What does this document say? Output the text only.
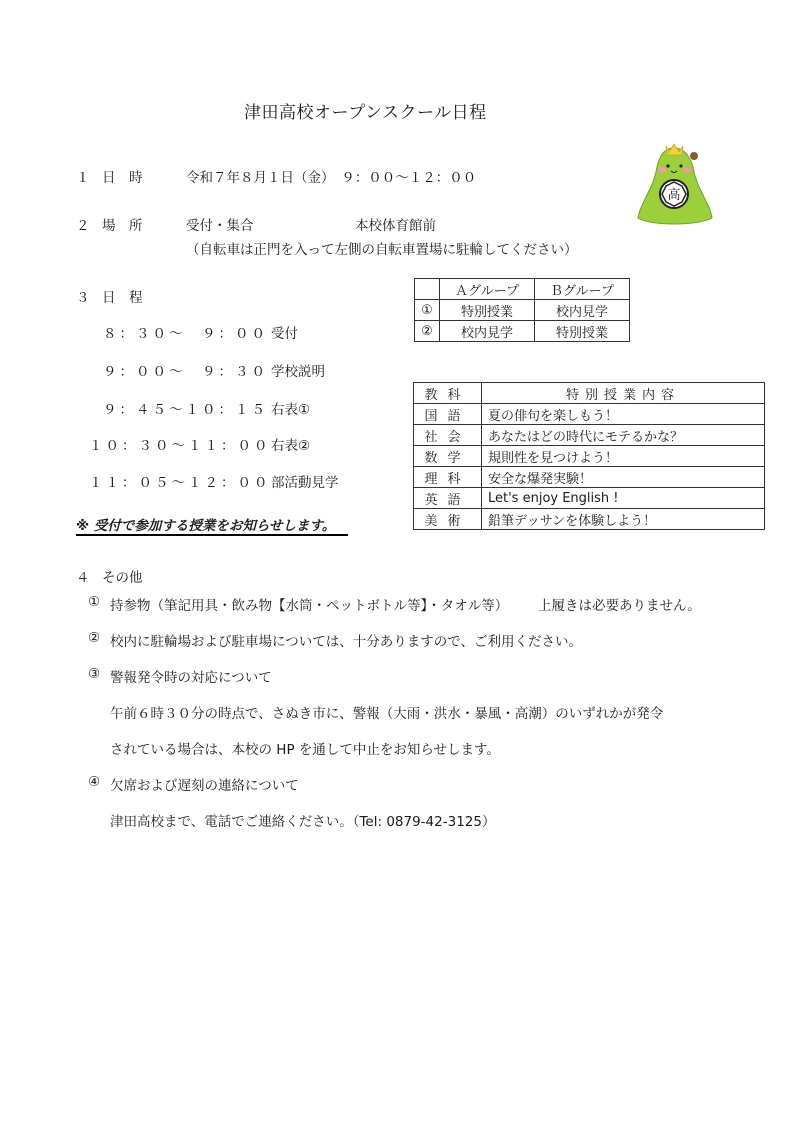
津田高校オープンスクール日程
高
１ 日　時	令和７年８月１日（金）　９：００～１２：００
２ 場　所	受付・集合	本校体育館前
（自転車は正門を入って左側の自転車置場に駐輪してください）
３ 日　程
８：３０～　９：００ 受付
９：００～　９：３０ 学校説明
９：４５～１０：１５ 右表①
１０：３０～１１：００ 右表②
１１：０５～１２：００ 部活動見学
※ 受付で参加する授業をお知らせします。
	Ａグループ	Ｂグループ
①	特別授業	校内見学
②	校内見学	特別授業
教科	特別授業内容
国語	夏の俳句を楽しもう！
社会	あなたはどの時代にモテるかな？
数学	規則性を見つけよう！
理科	安全な爆発実験！
英語	Let's enjoy English !
美術	鉛筆デッサンを体験しよう！
４ その他
① 持参物（筆記用具・飲み物【水筒・ペットボトル等】・タオル等） 上履きは必要ありません。
② 校内に駐輪場および駐車場については、十分ありますので、ご利用ください。
③ 警報発令時の対応について
午前６時３０分の時点で、さぬき市に、警報（大雨・洪水・暴風・高潮）のいずれかが発令
されている場合は、本校の HP を通して中止をお知らせします。
④ 欠席および遅刻の連絡について
津田高校まで、電話でご連絡ください。（Tel: 0879-42-3125）
